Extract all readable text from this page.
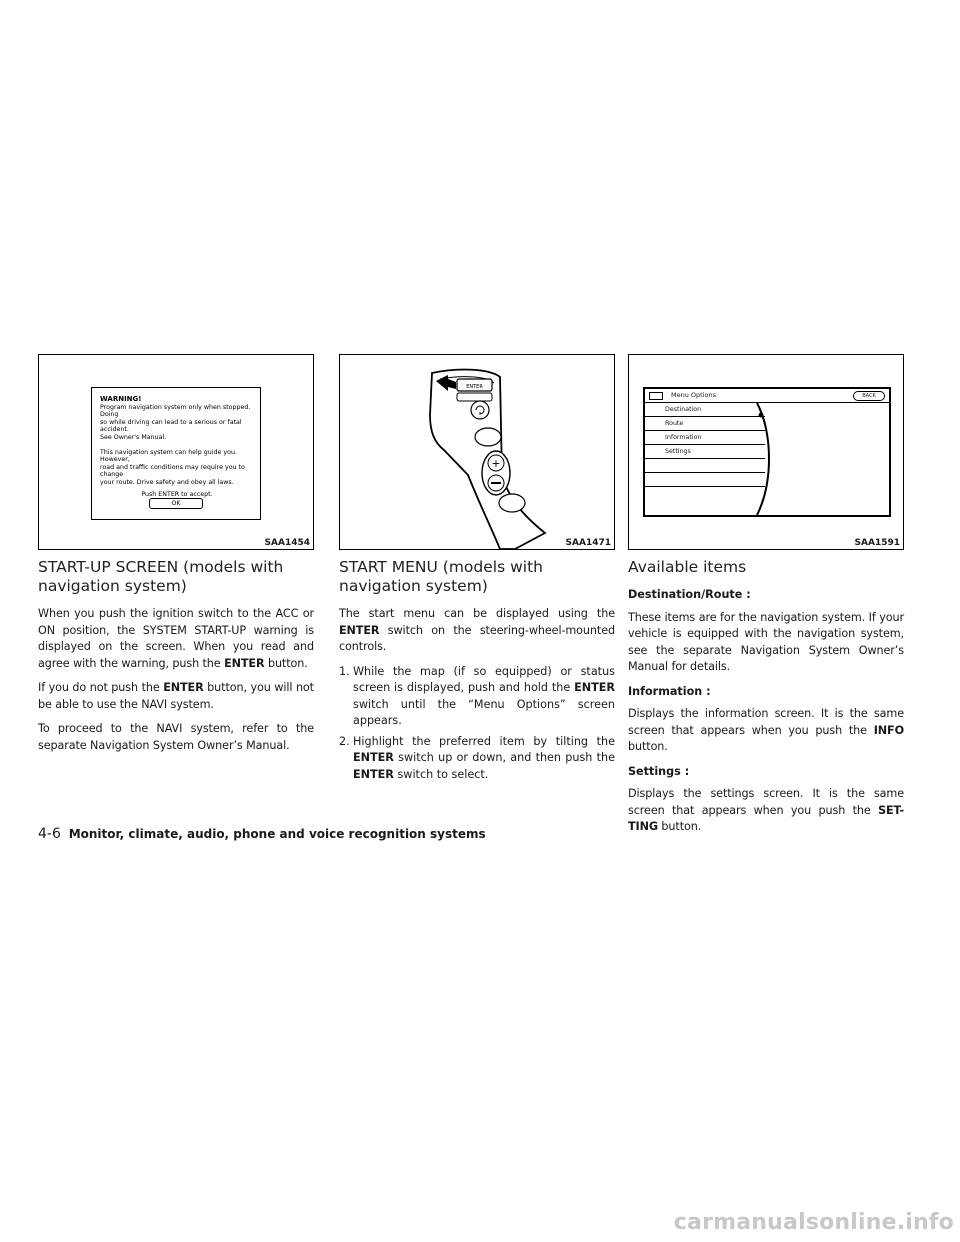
WARNING!
Program navigation system only when stopped. Doing
so while driving can lead to a serious or fatal accident.
See Owner's Manual.
This navigation system can help guide you. However,
road and traffic conditions may require you to change
your route. Drive safety and obey all laws.
Push ENTER to accept.
OK
SAA1454
START-UP SCREEN (models with navigation system)

When you push the ignition switch to the ACC or ON position, the SYSTEM START-UP warning is displayed on the screen. When you read and agree with the warning, push the ENTER button.

If you do not push the ENTER button, you will not be able to use the NAVI system.

To proceed to the NAVI system, refer to the separate Navigation System Owner’s Manual.

ENTER
+
SAA1471
START MENU (models with navigation system)

The start menu can be displayed using the ENTER switch on the steering-wheel-mounted controls.

1. While the map (if so equipped) or status screen is displayed, push and hold the ENTER switch until the “Menu Options” screen appears.
2. Highlight the preferred item by tilting the ENTER switch up or down, and then push the ENTER switch to select.
Menu Options	BACK
Destination
Route
Information
Settings
SAA1591
Available items
Destination/Route :

These items are for the navigation system. If your vehicle is equipped with the navigation system, see the separate Navigation System Owner’s Manual for details.

Information :

Displays the information screen. It is the same screen that appears when you push the INFO button.

Settings :

Displays the settings screen. It is the same screen that appears when you push the SET-TING button.

4-6 Monitor, climate, audio, phone and voice recognition systems
carmanualsonline.info
